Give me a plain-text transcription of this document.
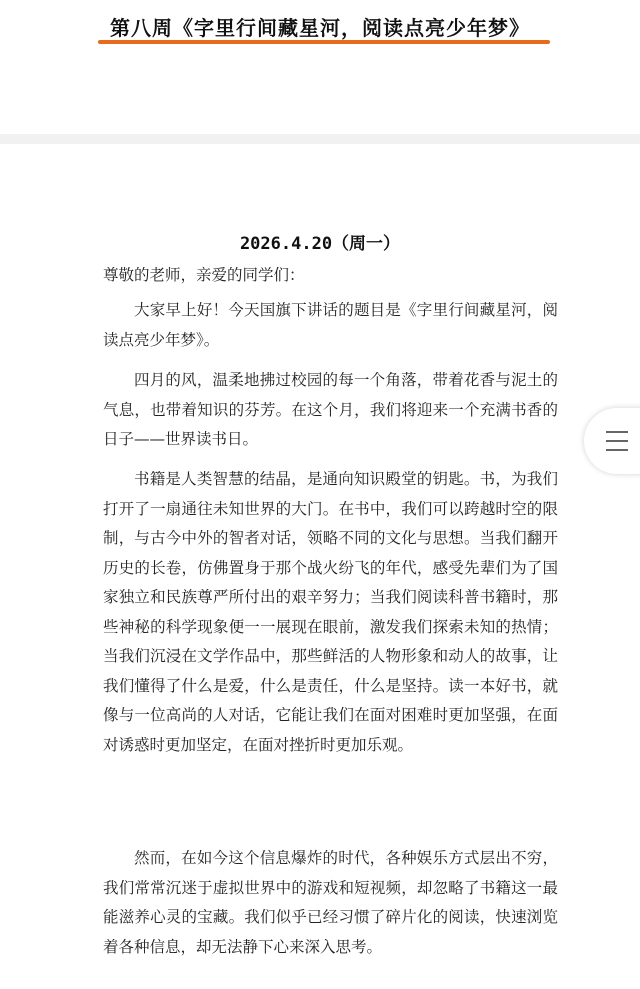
第八周《字里行间藏星河，阅读点亮少年梦》
2026.4.20（周一）
尊敬的老师，亲爱的同学们：

大家早上好！今天国旗下讲话的题目是《字里行间藏星河，阅读点亮少年梦》。

四月的风，温柔地拂过校园的每一个角落，带着花香与泥土的气息，也带着知识的芬芳。在这个月，我们将迎来一个充满书香的日子——世界读书日。

书籍是人类智慧的结晶，是通向知识殿堂的钥匙。书，为我们打开了一扇通往未知世界的大门。在书中，我们可以跨越时空的限制，与古今中外的智者对话，领略不同的文化与思想。当我们翻开历史的长卷，仿佛置身于那个战火纷飞的年代，感受先辈们为了国家独立和民族尊严所付出的艰辛努力；当我们阅读科普书籍时，那些神秘的科学现象便一一展现在眼前，激发我们探索未知的热情；当我们沉浸在文学作品中，那些鲜活的人物形象和动人的故事，让我们懂得了什么是爱，什么是责任，什么是坚持。读一本好书，就像与一位高尚的人对话，它能让我们在面对困难时更加坚强，在面对诱惑时更加坚定，在面对挫折时更加乐观。

然而，在如今这个信息爆炸的时代，各种娱乐方式层出不穷，我们常常沉迷于虚拟世界中的游戏和短视频，却忽略了书籍这一最能滋养心灵的宝藏。我们似乎已经习惯了碎片化的阅读，快速浏览着各种信息，却无法静下心来深入思考。
